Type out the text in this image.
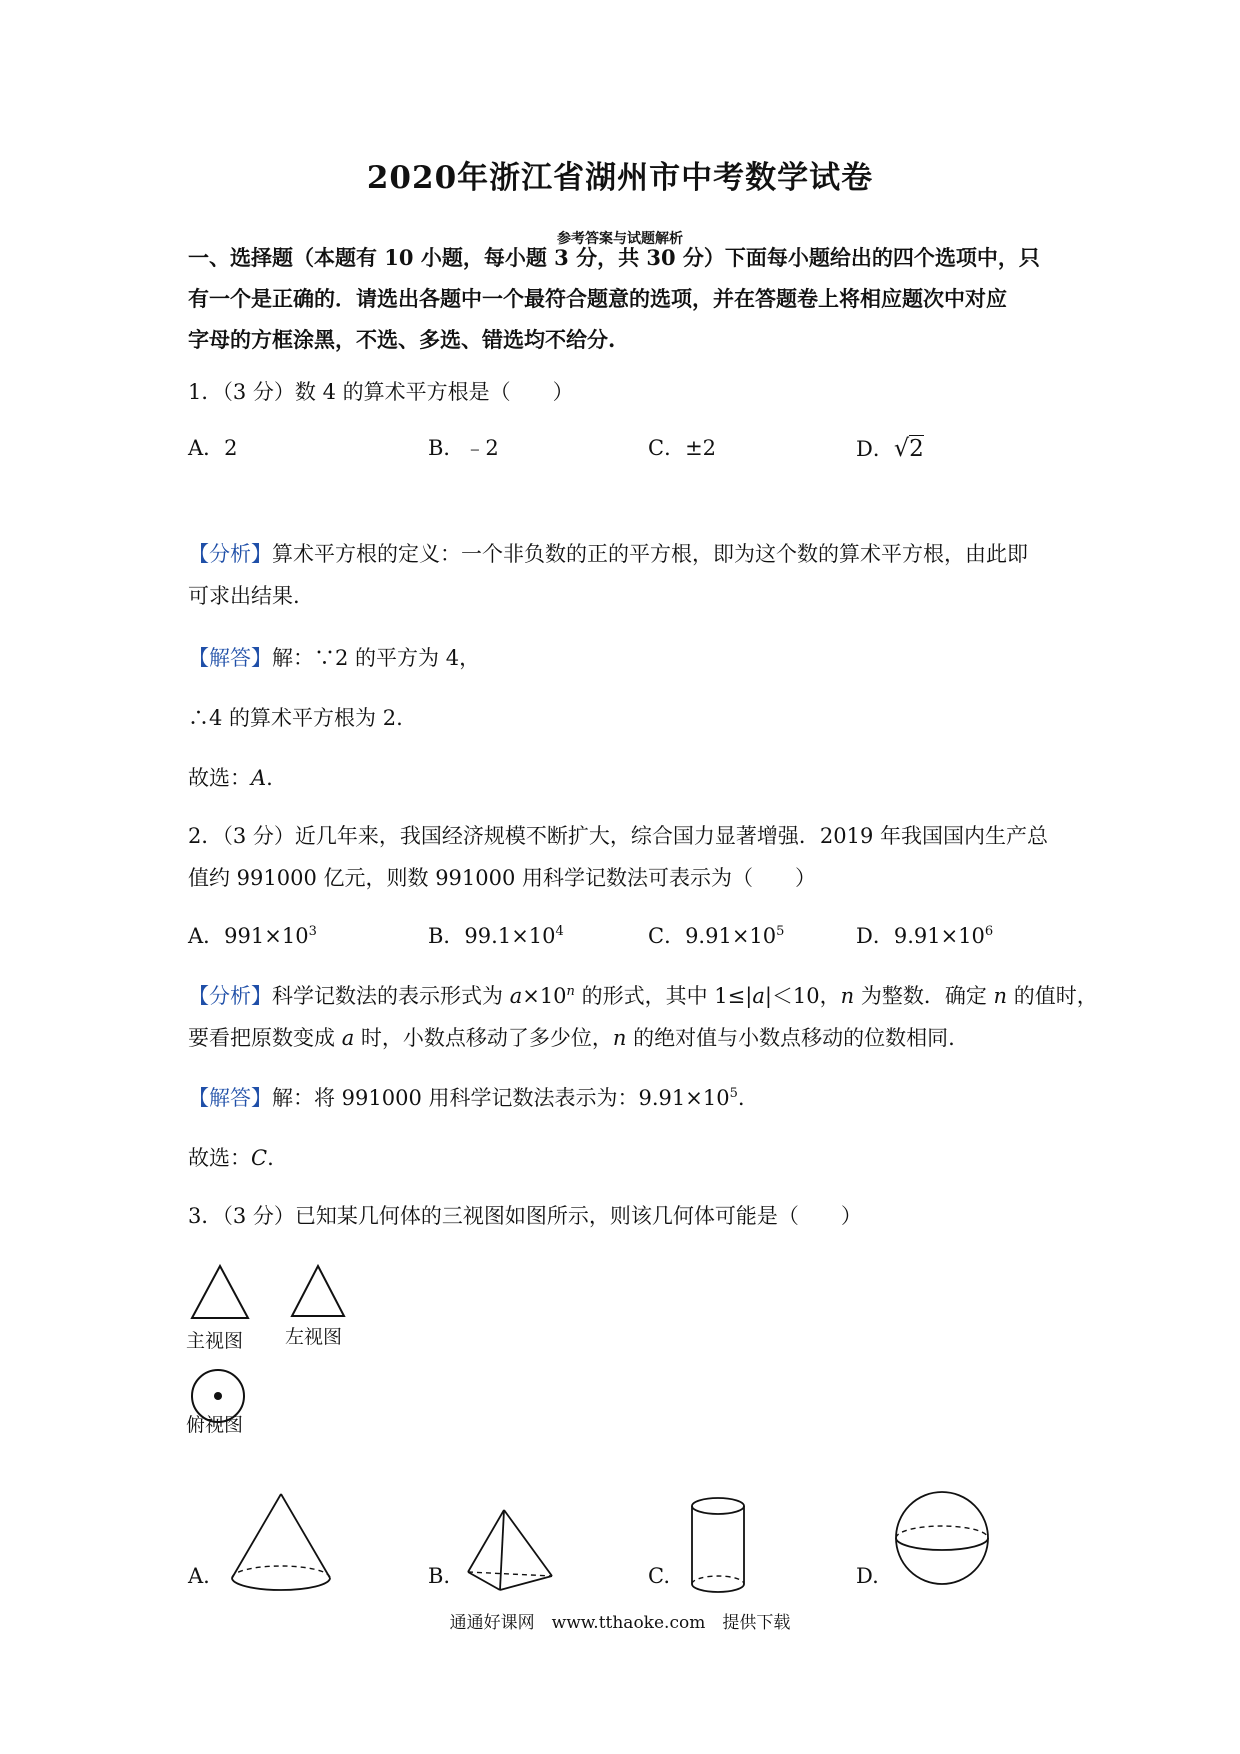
2020年浙江省湖州市中考数学试卷
参考答案与试题解析
一、选择题（本题有 10 小题，每小题 3 分，共 30 分）下面每小题给出的四个选项中，只
有一个是正确的．请选出各题中一个最符合题意的选项，并在答题卷上将相应题次中对应
字母的方框涂黑，不选、多选、错选均不给分.
1．（3 分）数 4 的算术平方根是（　　）
A．2	B．﹣2	C．±2	D．√2
【分析】算术平方根的定义：一个非负数的正的平方根，即为这个数的算术平方根，由此即
可求出结果.
【解答】解：∵2 的平方为 4，
∴4 的算术平方根为 2.
故选：A.
2．（3 分）近几年来，我国经济规模不断扩大，综合国力显著增强．2019 年我国国内生产总
值约 991000 亿元，则数 991000 用科学记数法可表示为（　　）
A．$991\times 10^3$	B．$99.1\times 10^4$	C．$9.91\times 10^5$	D．$9.91\times 10^6$
【分析】科学记数法的表示形式为 $a\times 10^n$ 的形式，其中 1≤|a|＜10，n 为整数．确定 n 的值时，
要看把原数变成 a 时，小数点移动了多少位，n 的绝对值与小数点移动的位数相同.
【解答】解：将 991000 用科学记数法表示为：$9.91\times 10^5$.
故选：C.
3．（3 分）已知某几何体的三视图如图所示，则该几何体可能是（　　）
主视图 左视图
俯视图
A.	B.	C.	D.
通通好课网　www.tthaoke.com　提供下载
